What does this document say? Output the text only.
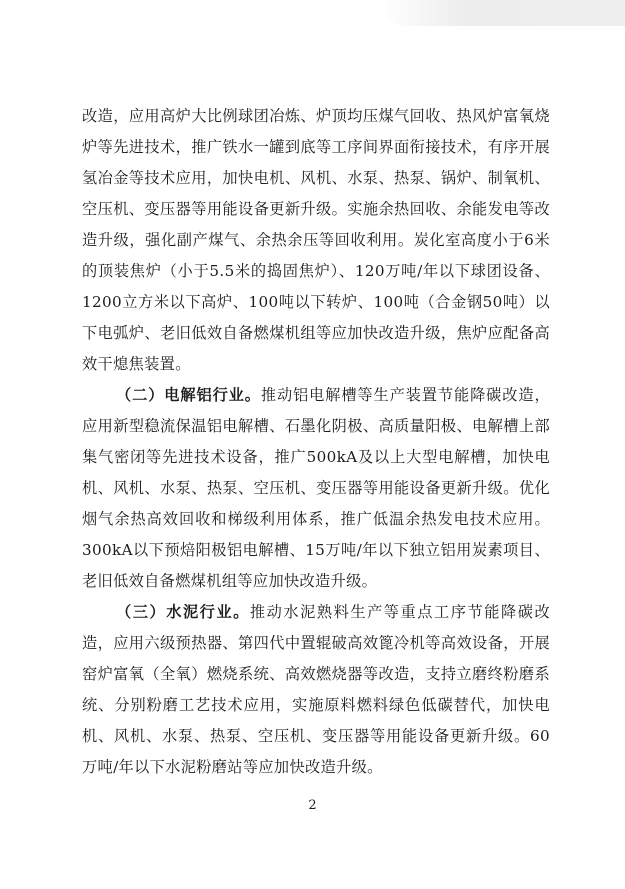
改造，应用高炉大比例球团冶炼、炉顶均压煤气回收、热风炉富氧烧炉等先进技术，推广铁水一罐到底等工序间界面衔接技术，有序开展氢冶金等技术应用，加快电机、风机、水泵、热泵、锅炉、制氧机、空压机、变压器等用能设备更新升级。实施余热回收、余能发电等改造升级，强化副产煤气、余热余压等回收利用。炭化室高度小于6米的顶装焦炉（小于5.5米的捣固焦炉）、120万吨/年以下球团设备、1200立方米以下高炉、100吨以下转炉、100吨（合金钢50吨）以下电弧炉、老旧低效自备燃煤机组等应加快改造升级，焦炉应配备高效干熄焦装置。

（二）电解铝行业。推动铝电解槽等生产装置节能降碳改造，应用新型稳流保温铝电解槽、石墨化阴极、高质量阳极、电解槽上部集气密闭等先进技术设备，推广500kA及以上大型电解槽，加快电机、风机、水泵、热泵、空压机、变压器等用能设备更新升级。优化烟气余热高效回收和梯级利用体系，推广低温余热发电技术应用。300kA以下预焙阳极铝电解槽、15万吨/年以下独立铝用炭素项目、老旧低效自备燃煤机组等应加快改造升级。

（三）水泥行业。推动水泥熟料生产等重点工序节能降碳改造，应用六级预热器、第四代中置辊破高效篦冷机等高效设备，开展窑炉富氧（全氧）燃烧系统、高效燃烧器等改造，支持立磨终粉磨系统、分别粉磨工艺技术应用，实施原料燃料绿色低碳替代，加快电机、风机、水泵、热泵、空压机、变压器等用能设备更新升级。60万吨/年以下水泥粉磨站等应加快改造升级。

2
